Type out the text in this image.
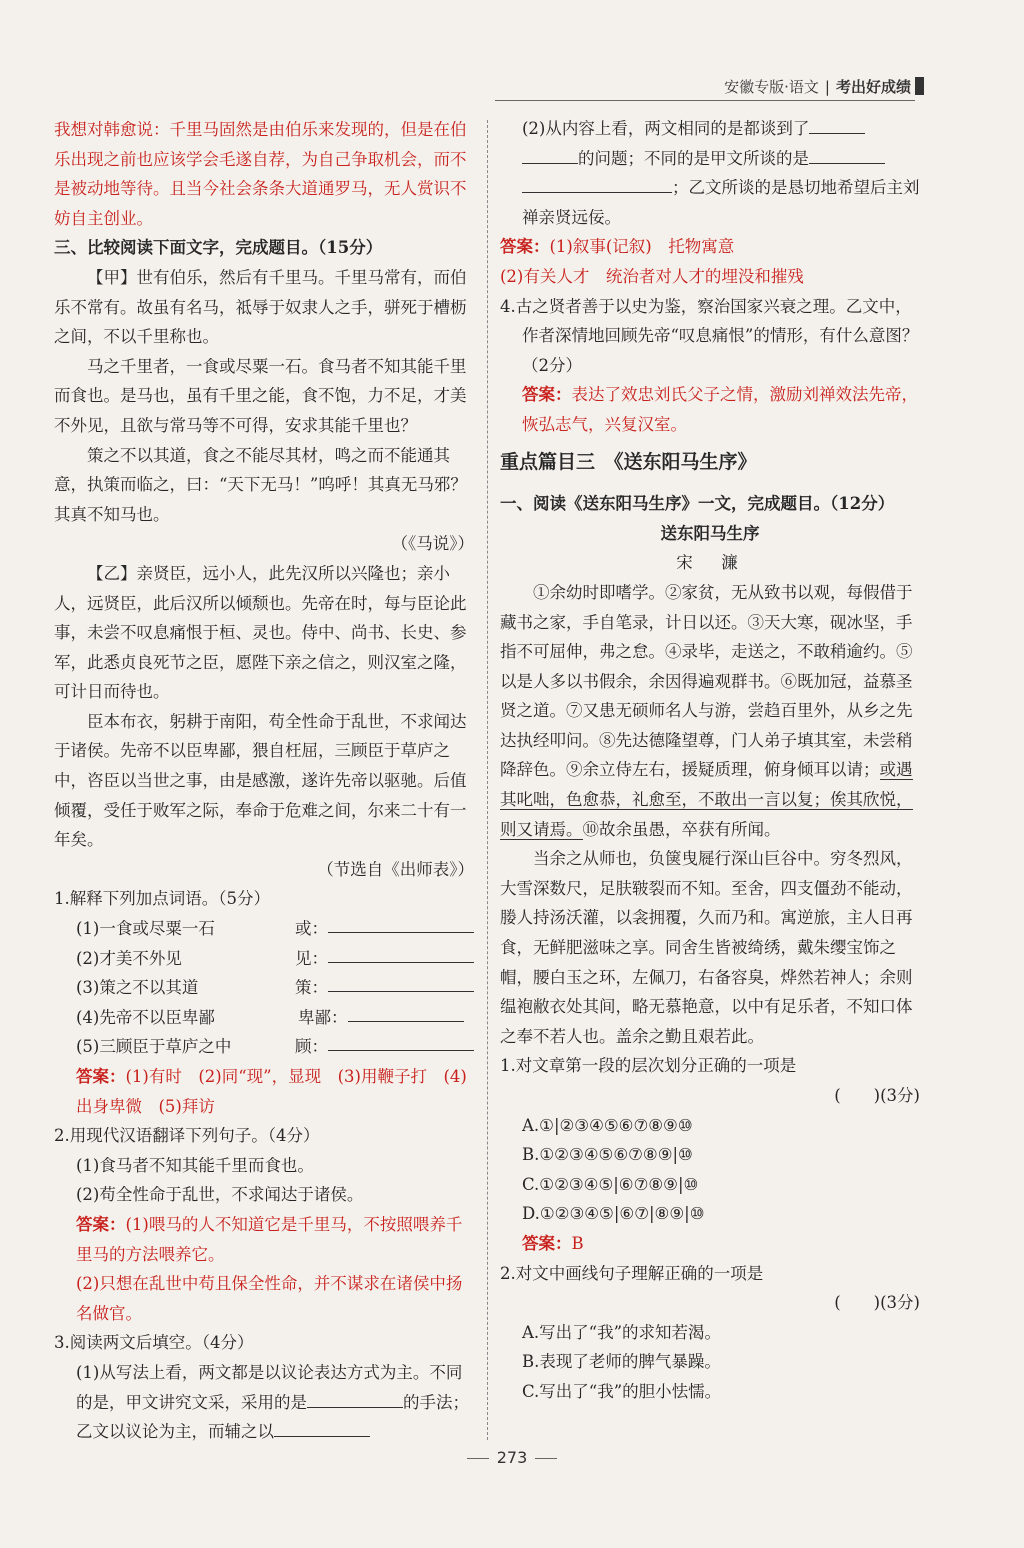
安徽专版·语文 | 考出好成绩

我想对韩愈说：千里马固然是由伯乐来发现的，但是在伯乐出现之前也应该学会毛遂自荐，为自己争取机会，而不是被动地等待。且当今社会条条大道通罗马，无人赏识不妨自主创业。

三、比较阅读下面文字，完成题目。（15分）

【甲】世有伯乐，然后有千里马。千里马常有，而伯乐不常有。故虽有名马，祗辱于奴隶人之手，骈死于槽枥之间，不以千里称也。

马之千里者，一食或尽粟一石。食马者不知其能千里而食也。是马也，虽有千里之能，食不饱，力不足，才美不外见，且欲与常马等不可得，安求其能千里也？

策之不以其道，食之不能尽其材，鸣之而不能通其意，执策而临之，曰：“天下无马！”呜呼！其真无马邪？其真不知马也。

（《马说》）

【乙】亲贤臣，远小人，此先汉所以兴隆也；亲小人，远贤臣，此后汉所以倾颓也。先帝在时，每与臣论此事，未尝不叹息痛恨于桓、灵也。侍中、尚书、长史、参军，此悉贞良死节之臣，愿陛下亲之信之，则汉室之隆，可计日而待也。

臣本布衣，躬耕于南阳，苟全性命于乱世，不求闻达于诸侯。先帝不以臣卑鄙，猥自枉屈，三顾臣于草庐之中，咨臣以当世之事，由是感激，遂许先帝以驱驰。后值倾覆，受任于败军之际，奉命于危难之间，尔来二十有一年矣。

（节选自《出师表》）

1.解释下列加点词语。（5分）

(1)一食或尽粟一石	或：
(2)才美不外见	见：
(3)策之不以其道	策：
(4)先帝不以臣卑鄙	卑鄙：
(5)三顾臣于草庐之中	顾：

答案：(1)有时　(2)同“现”，显现　(3)用鞭子打　(4)出身卑微　(5)拜访

2.用现代汉语翻译下列句子。（4分）

(1)食马者不知其能千里而食也。

(2)苟全性命于乱世，不求闻达于诸侯。

答案：(1)喂马的人不知道它是千里马，不按照喂养千里马的方法喂养它。

(2)只想在乱世中苟且保全性命，并不谋求在诸侯中扬名做官。

3.阅读两文后填空。（4分）

(1)从写法上看，两文都是以议论表达方式为主。不同的是，甲文讲究文采，采用的是	的手法；乙文以议论为主，而辅之以

(2)从内容上看，两文相同的是都谈到了的问题；不同的是甲文所谈的是；乙文所谈的是恳切地希望后主刘禅亲贤远佞。

答案：(1)叙事(记叙)　托物寓意

(2)有关人才　统治者对人才的埋没和摧残

4.古之贤者善于以史为鉴，察治国家兴衰之理。乙文中，作者深情地回顾先帝“叹息痛恨”的情形，有什么意图？（2分）

答案：表达了效忠刘氏父子之情，激励刘禅效法先帝，恢弘志气，兴复汉室。

重点篇目三　《送东阳马生序》

一、阅读《送东阳马生序》一文，完成题目。（12分）

送东阳马生序

宋　濂

①余幼时即嗜学。②家贫，无从致书以观，每假借于藏书之家，手自笔录，计日以还。③天大寒，砚冰坚，手指不可屈伸，弗之怠。④录毕，走送之，不敢稍逾约。⑤以是人多以书假余，余因得遍观群书。⑥既加冠，益慕圣贤之道。⑦又患无硕师名人与游，尝趋百里外，从乡之先达执经叩问。⑧先达德隆望尊，门人弟子填其室，未尝稍降辞色。⑨余立侍左右，援疑质理，俯身倾耳以请；或遇其叱咄，色愈恭，礼愈至，不敢出一言以复；俟其欣悦，则又请焉。⑩故余虽愚，卒获有所闻。

当余之从师也，负箧曳屣行深山巨谷中。穷冬烈风，大雪深数尺，足肤皲裂而不知。至舍，四支僵劲不能动，媵人持汤沃灌，以衾拥覆，久而乃和。寓逆旅，主人日再食，无鲜肥滋味之享。同舍生皆被绮绣，戴朱缨宝饰之帽，腰白玉之环，左佩刀，右备容臭，烨然若神人；余则缊袍敝衣处其间，略无慕艳意，以中有足乐者，不知口体之奉不若人也。盖余之勤且艰若此。

1.对文章第一段的层次划分正确的一项是

(　　)(3分)

A.①|②③④⑤⑥⑦⑧⑨⑩

B.①②③④⑤⑥⑦⑧⑨|⑩

C.①②③④⑤|⑥⑦⑧⑨|⑩

D.①②③④⑤|⑥⑦|⑧⑨|⑩

答案：B

2.对文中画线句子理解正确的一项是

(　　)(3分)

A.写出了“我”的求知若渴。

B.表现了老师的脾气暴躁。

C.写出了“我”的胆小怯懦。

273
